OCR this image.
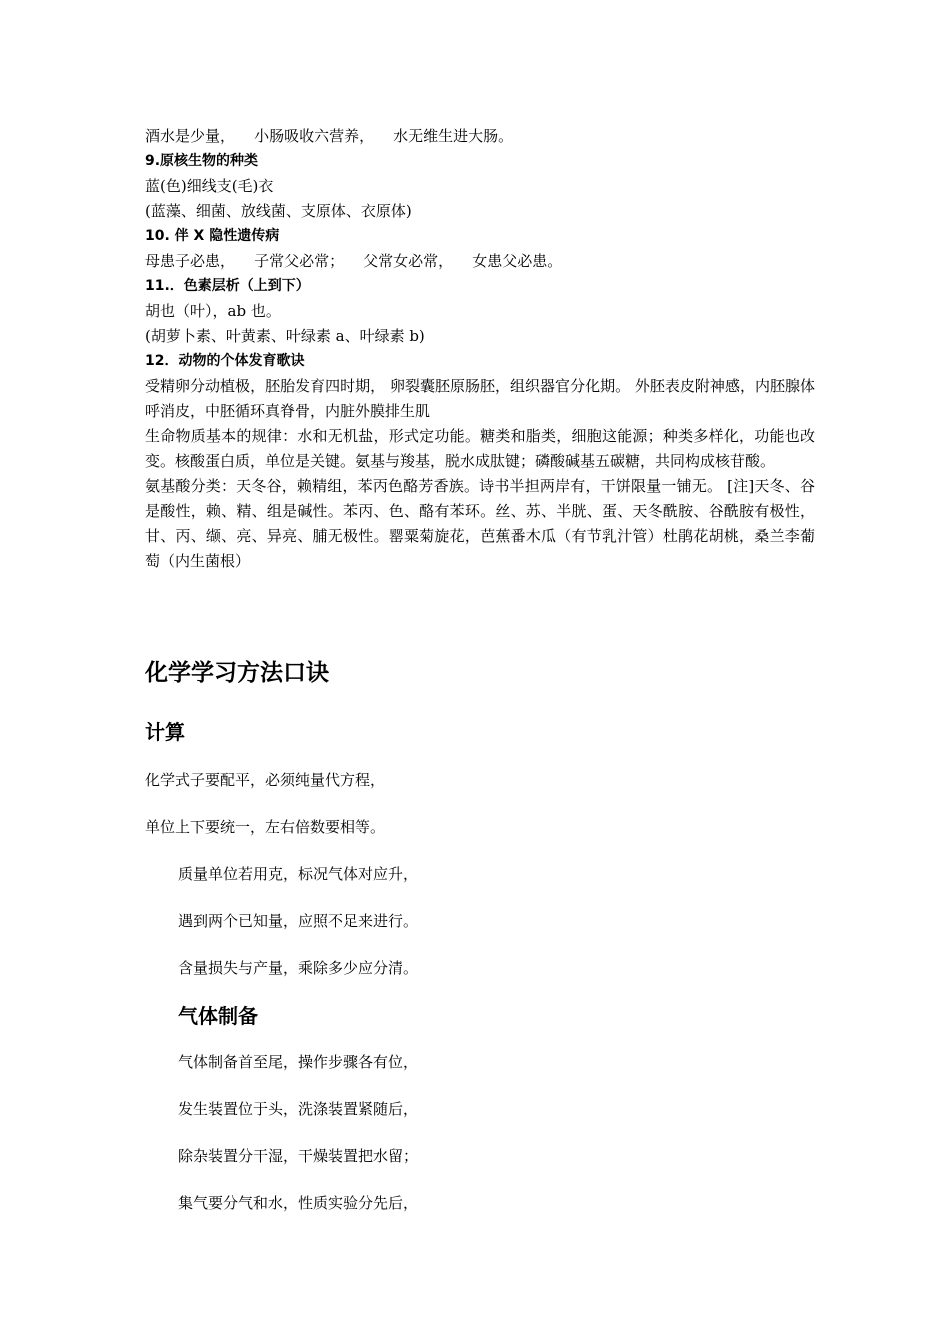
酒水是少量，    小肠吸收六营养，    水无维生进大肠。

9.原核生物的种类

蓝(色)细线支(毛)衣

(蓝藻、细菌、放线菌、支原体、衣原体)

10. 伴 X 隐性遗传病

母患子必患，    子常父必常；    父常女必常，    女患父必患。

11.．色素层析（上到下）

胡也（叶），ab 也。

(胡萝卜素、叶黄素、叶绿素 a、叶绿素 b)

12．动物的个体发育歌诀

受精卵分动植极，胚胎发育四时期， 卵裂囊胚原肠胚，组织器官分化期。 外胚表皮附神感，内胚腺体呼消皮，中胚循环真脊骨，内脏外膜排生肌

生命物质基本的规律：水和无机盐，形式定功能。糖类和脂类，细胞这能源；种类多样化，功能也改变。核酸蛋白质，单位是关键。氨基与羧基，脱水成肽键；磷酸碱基五碳糖，共同构成核苷酸。

氨基酸分类：天冬谷，赖精组，苯丙色酪芳香族。诗书半担两岸有，干饼限量一铺无。 [注]天冬、谷是酸性，赖、精、组是碱性。苯丙、色、酪有苯环。丝、苏、半胱、蛋、天冬酰胺、谷酰胺有极性，甘、丙、缬、亮、异亮、脯无极性。罂粟菊旋花，芭蕉番木瓜（有节乳汁管）杜鹃花胡桃，桑兰李葡萄（内生菌根）

化学学习方法口诀
计算

化学式子要配平，必须纯量代方程，

单位上下要统一，左右倍数要相等。

质量单位若用克，标况气体对应升，

遇到两个已知量，应照不足来进行。

含量损失与产量，乘除多少应分清。

气体制备

气体制备首至尾，操作步骤各有位，

发生装置位于头，洗涤装置紧随后，

除杂装置分干湿，干燥装置把水留；

集气要分气和水，性质实验分先后，
